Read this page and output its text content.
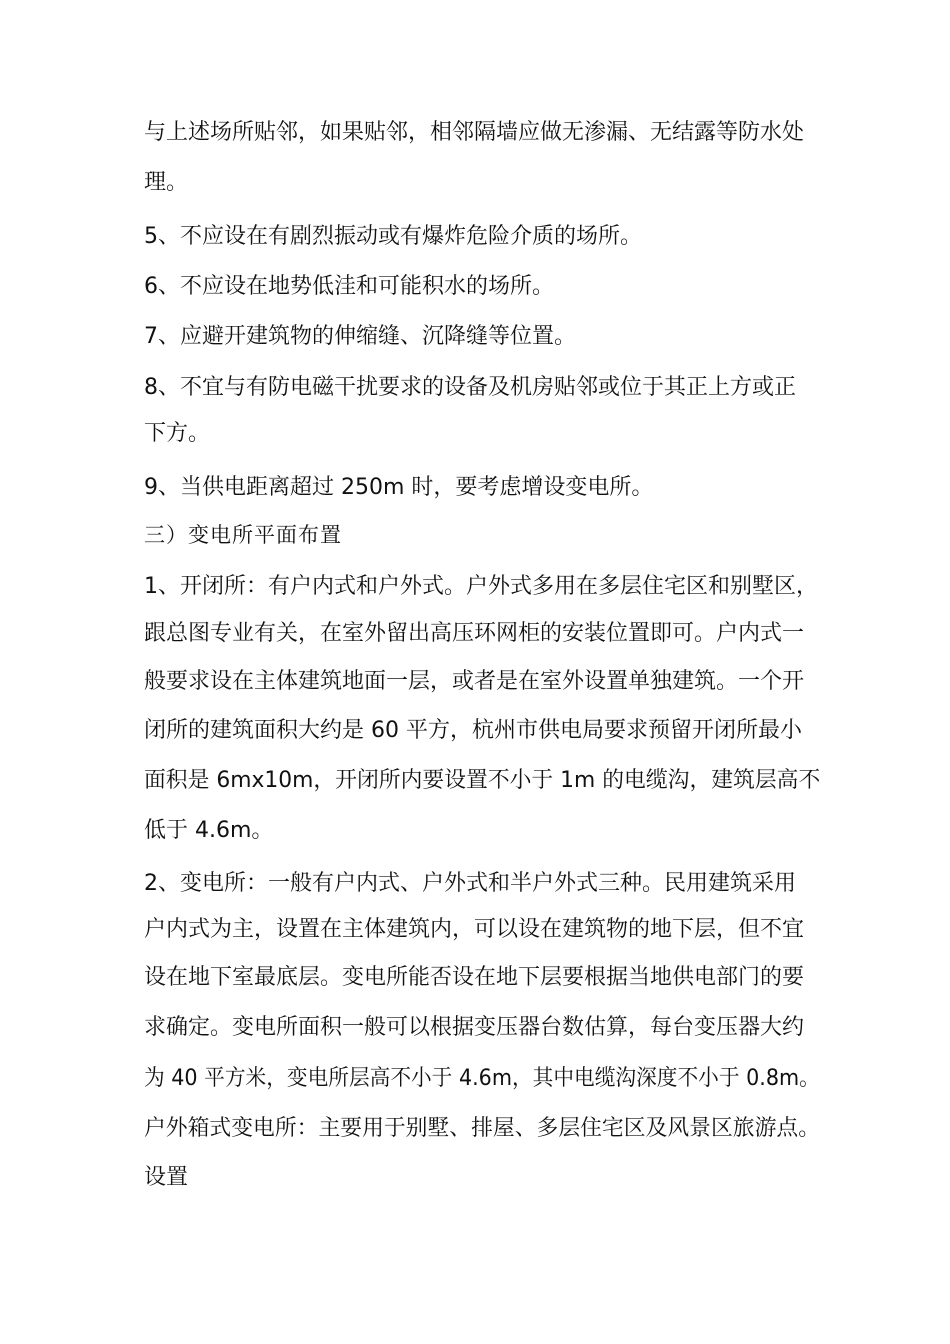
与上述场所贴邻，如果贴邻，相邻隔墙应做无渗漏、无结露等防水处
理。
5、不应设在有剧烈振动或有爆炸危险介质的场所。
6、不应设在地势低洼和可能积水的场所。
7、应避开建筑物的伸缩缝、沉降缝等位置。
8、不宜与有防电磁干扰要求的设备及机房贴邻或位于其正上方或正
下方。
9、当供电距离超过 250m 时，要考虑增设变电所。
三）变电所平面布置
1、开闭所：有户内式和户外式。户外式多用在多层住宅区和别墅区，
跟总图专业有关，在室外留出高压环网柜的安装位置即可。户内式一
般要求设在主体建筑地面一层，或者是在室外设置单独建筑。一个开
闭所的建筑面积大约是 60 平方，杭州市供电局要求预留开闭所最小
面积是 6mx10m，开闭所内要设置不小于 1m 的电缆沟，建筑层高不
低于 4.6m。
2、变电所：一般有户内式、户外式和半户外式三种。民用建筑采用
户内式为主，设置在主体建筑内，可以设在建筑物的地下层，但不宜
设在地下室最底层。变电所能否设在地下层要根据当地供电部门的要
求确定。变电所面积一般可以根据变压器台数估算，每台变压器大约
为 40 平方米，变电所层高不小于 4.6m，其中电缆沟深度不小于 0.8m。
户外箱式变电所：主要用于别墅、排屋、多层住宅区及风景区旅游点。
设置
